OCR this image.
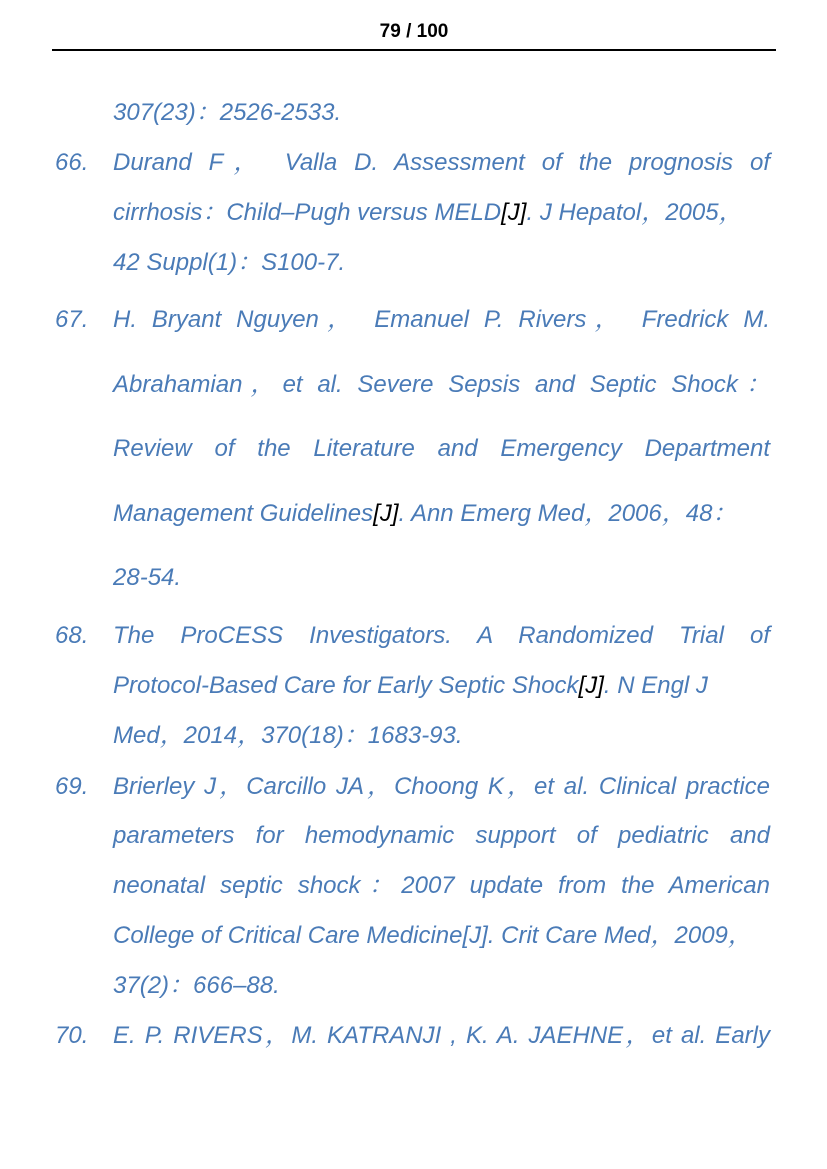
79 / 100
307(23)：2526-2533.
66. Durand F， Valla D. Assessment of the prognosis of
cirrhosis：Child–Pugh versus MELD[J]. J Hepatol，2005，
42 Suppl(1)：S100-7.
67. H. Bryant Nguyen， Emanuel P. Rivers， Fredrick M.
Abrahamian，et al. Severe Sepsis and Septic Shock：
Review of the Literature and Emergency Department
Management Guidelines[J]. Ann Emerg Med，2006，48：
28-54.
68. The ProCESS Investigators. A Randomized Trial of
Protocol-Based Care for Early Septic Shock[J]. N Engl J
Med，2014，370(18)：1683-93.
69. Brierley J，Carcillo JA，Choong K，et al. Clinical practice
parameters for hemodynamic support of pediatric and
neonatal septic shock：2007 update from the American
College of Critical Care Medicine[J]. Crit Care Med，2009，
37(2)：666–88.
70. E. P. RIVERS，M. KATRANJI , K. A. JAEHNE，et al. Early
